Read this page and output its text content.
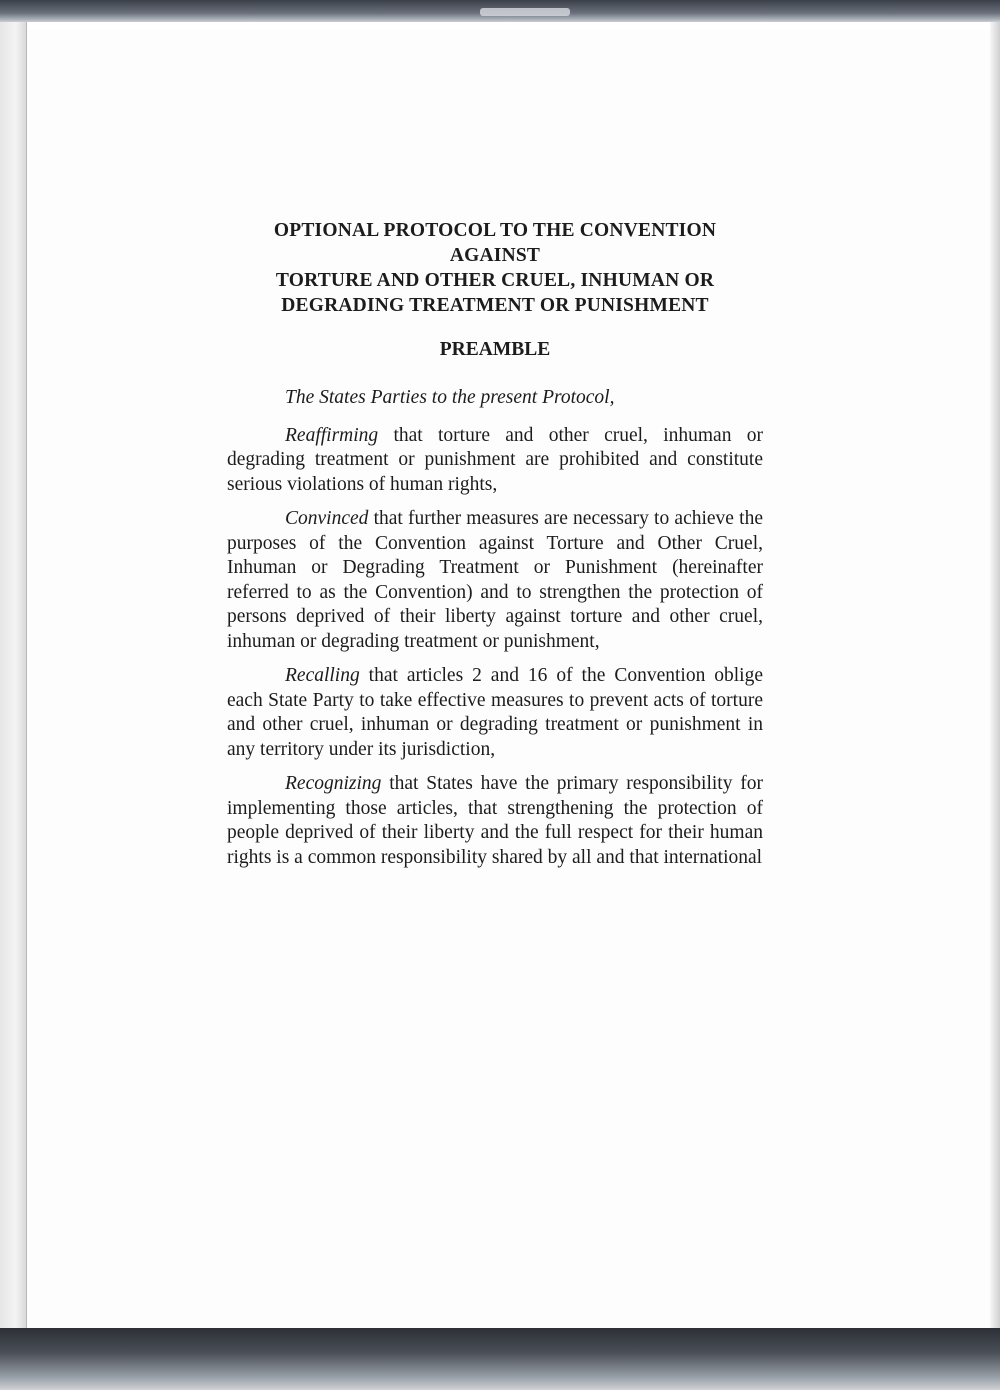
OPTIONAL PROTOCOL TO THE CONVENTION
AGAINST
TORTURE AND OTHER CRUEL, INHUMAN OR
DEGRADING TREATMENT OR PUNISHMENT
PREAMBLE

The States Parties to the present Protocol,

Reaffirming that torture and other cruel, inhuman or degrading treatment or punishment are prohibited and constitute serious violations of human rights,

Convinced that further measures are necessary to achieve the purposes of the Convention against Torture and Other Cruel, Inhuman or Degrading Treatment or Punishment (hereinafter referred to as the Convention) and to strengthen the protection of persons deprived of their liberty against torture and other cruel, inhuman or degrading treatment or punishment,

Recalling that articles 2 and 16 of the Convention oblige each State Party to take effective measures to prevent acts of torture and other cruel, inhuman or degrading treatment or punishment in any territory under its jurisdiction,

Recognizing that States have the primary responsibility for implementing those articles, that strengthening the protection of people deprived of their liberty and the full respect for their human rights is a common responsibility shared by all and that international
